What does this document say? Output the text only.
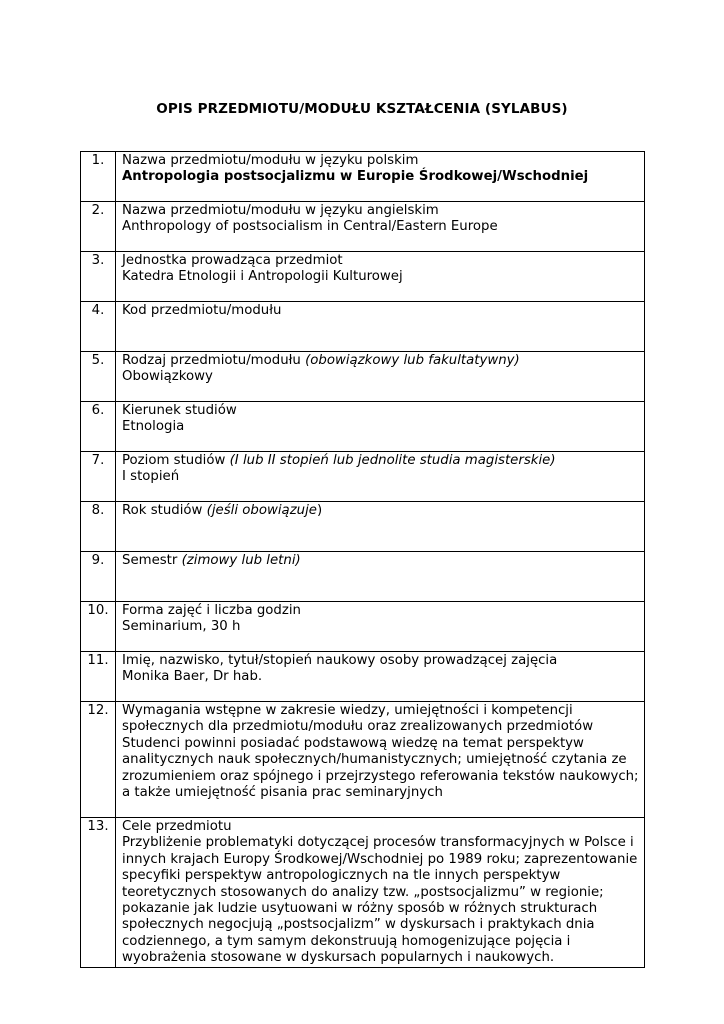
OPIS PRZEDMIOTU/MODUŁU KSZTAŁCENIA (SYLABUS)
1.	Nazwa przedmiotu/modułu w języku polskim
Antropologia postsocjalizmu w Europie Środkowej/Wschodniej

2.	Nazwa przedmiotu/modułu w języku angielskim
Anthropology of postsocialism in Central/Eastern Europe

3.	Jednostka prowadząca przedmiot
Katedra Etnologii i Antropologii Kulturowej

4.	Kod przedmiotu/modułu

5.	Rodzaj przedmiotu/modułu (obowiązkowy lub fakultatywny)
Obowiązkowy

6.	Kierunek studiów
Etnologia

7.	Poziom studiów (I lub II stopień lub jednolite studia magisterskie)
I stopień

8.	Rok studiów (jeśli obowiązuje)

9.	Semestr (zimowy lub letni)

10.	Forma zajęć i liczba godzin
Seminarium, 30 h

11.	Imię, nazwisko, tytuł/stopień naukowy osoby prowadzącej zajęcia
Monika Baer, Dr hab.

12.	Wymagania wstępne w zakresie wiedzy, umiejętności i kompetencji społecznych dla przedmiotu/modułu oraz zrealizowanych przedmiotów
Studenci powinni posiadać podstawową wiedzę na temat perspektyw analitycznych nauk społecznych/humanistycznych; umiejętność czytania ze zrozumieniem oraz spójnego i przejrzystego referowania tekstów naukowych; a także umiejętność pisania prac seminaryjnych

13.	Cele przedmiotu
Przybliżenie problematyki dotyczącej procesów transformacyjnych w Polsce i innych krajach Europy Środkowej/Wschodniej po 1989 roku; zaprezentowanie specyfiki perspektyw antropologicznych na tle innych perspektyw teoretycznych stosowanych do analizy tzw. „postsocjalizmu” w regionie; pokazanie jak ludzie usytuowani w różny sposób w różnych strukturach społecznych negocjują „postsocjalizm” w dyskursach i praktykach dnia codziennego, a tym samym dekonstruują homogenizujące pojęcia i wyobrażenia stosowane w dyskursach popularnych i naukowych.
